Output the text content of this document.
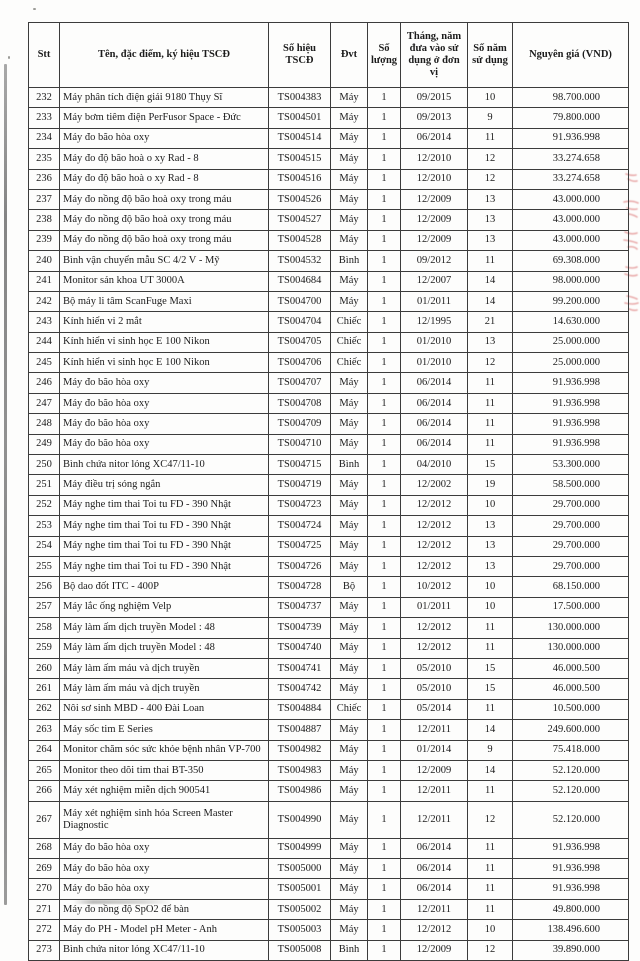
Stt	Tên, đặc điểm, ký hiệu TSCĐ	Số hiệu TSCĐ	Đvt	Số lượng	Tháng, năm đưa vào sử dụng ở đơn vị	Số năm sử dụng	Nguyên giá (VND)
232	Máy phân tích điện giải 9180 Thụy Sĩ	TS004383	Máy	1	09/2015	10	98.700.000
233	Máy bơm tiêm điện PerFusor Space - Đức	TS004501	Máy	1	09/2013	9	79.800.000
234	Máy đo bão hòa oxy	TS004514	Máy	1	06/2014	11	91.936.998
235	Máy đo độ bão hoà o xy Rad - 8	TS004515	Máy	1	12/2010	12	33.274.658
236	Máy đo độ bão hoà o xy Rad - 8	TS004516	Máy	1	12/2010	12	33.274.658
237	Máy đo nồng độ bão hoà oxy trong máu	TS004526	Máy	1	12/2009	13	43.000.000
238	Máy đo nồng độ bão hoà oxy trong máu	TS004527	Máy	1	12/2009	13	43.000.000
239	Máy đo nồng độ bão hoà oxy trong máu	TS004528	Máy	1	12/2009	13	43.000.000
240	Bình vận chuyển mẫu SC 4/2 V - Mỹ	TS004532	Bình	1	09/2012	11	69.308.000
241	Monitor sản khoa UT 3000A	TS004684	Máy	1	12/2007	14	98.000.000
242	Bộ máy li tâm ScanFuge Maxi	TS004700	Máy	1	01/2011	14	99.200.000
243	Kính hiển vi 2 mắt	TS004704	Chiếc	1	12/1995	21	14.630.000
244	Kính hiển vi sinh học E 100 Nikon	TS004705	Chiếc	1	01/2010	13	25.000.000
245	Kính hiển vi sinh học E 100 Nikon	TS004706	Chiếc	1	01/2010	12	25.000.000
246	Máy đo bão hòa oxy	TS004707	Máy	1	06/2014	11	91.936.998
247	Máy đo bão hòa oxy	TS004708	Máy	1	06/2014	11	91.936.998
248	Máy đo bão hòa oxy	TS004709	Máy	1	06/2014	11	91.936.998
249	Máy đo bão hòa oxy	TS004710	Máy	1	06/2014	11	91.936.998
250	Bình chứa nitor lỏng XC47/11-10	TS004715	Bình	1	04/2010	15	53.300.000
251	Máy điều trị sóng ngắn	TS004719	Máy	1	12/2002	19	58.500.000
252	Máy nghe tim thai Toi tu FD - 390 Nhật	TS004723	Máy	1	12/2012	10	29.700.000
253	Máy nghe tim thai Toi tu FD - 390 Nhật	TS004724	Máy	1	12/2012	13	29.700.000
254	Máy nghe tim thai Toi tu FD - 390 Nhật	TS004725	Máy	1	12/2012	13	29.700.000
255	Máy nghe tim thai Toi tu FD - 390 Nhật	TS004726	Máy	1	12/2012	13	29.700.000
256	Bộ dao đốt ITC - 400P	TS004728	Bộ	1	10/2012	10	68.150.000
257	Máy lắc ống nghiệm Velp	TS004737	Máy	1	01/2011	10	17.500.000
258	Máy làm ấm dịch truyền Model : 48	TS004739	Máy	1	12/2012	11	130.000.000
259	Máy làm ấm dịch truyền Model : 48	TS004740	Máy	1	12/2012	11	130.000.000
260	Máy làm ấm máu và dịch truyền	TS004741	Máy	1	05/2010	15	46.000.500
261	Máy làm ấm máu và dịch truyền	TS004742	Máy	1	05/2010	15	46.000.500
262	Nôi sơ sinh MBD - 400 Đài Loan	TS004884	Chiếc	1	05/2014	11	10.500.000
263	Máy sốc tim E Series	TS004887	Máy	1	12/2011	14	249.600.000
264	Monitor chăm sóc sức khỏe bệnh nhân VP-700	TS004982	Máy	1	01/2014	9	75.418.000
265	Monitor theo dõi tim thai BT-350	TS004983	Máy	1	12/2009	14	52.120.000
266	Máy xét nghiệm miễn dịch 900541	TS004986	Máy	1	12/2011	11	52.120.000
267	Máy xét nghiệm sinh hóa Screen Master Diagnostic	TS004990	Máy	1	12/2011	12	52.120.000
268	Máy đo bão hòa oxy	TS004999	Máy	1	06/2014	11	91.936.998
269	Máy đo bão hòa oxy	TS005000	Máy	1	06/2014	11	91.936.998
270	Máy đo bão hòa oxy	TS005001	Máy	1	06/2014	11	91.936.998
271	Máy đo nồng độ SpO2 để bàn	TS005002	Máy	1	12/2011	11	49.800.000
272	Máy đo PH - Model pH Meter - Anh	TS005003	Máy	1	12/2012	10	138.496.600
273	Bình chứa nitor lỏng XC47/11-10	TS005008	Bình	1	12/2009	12	39.890.000
